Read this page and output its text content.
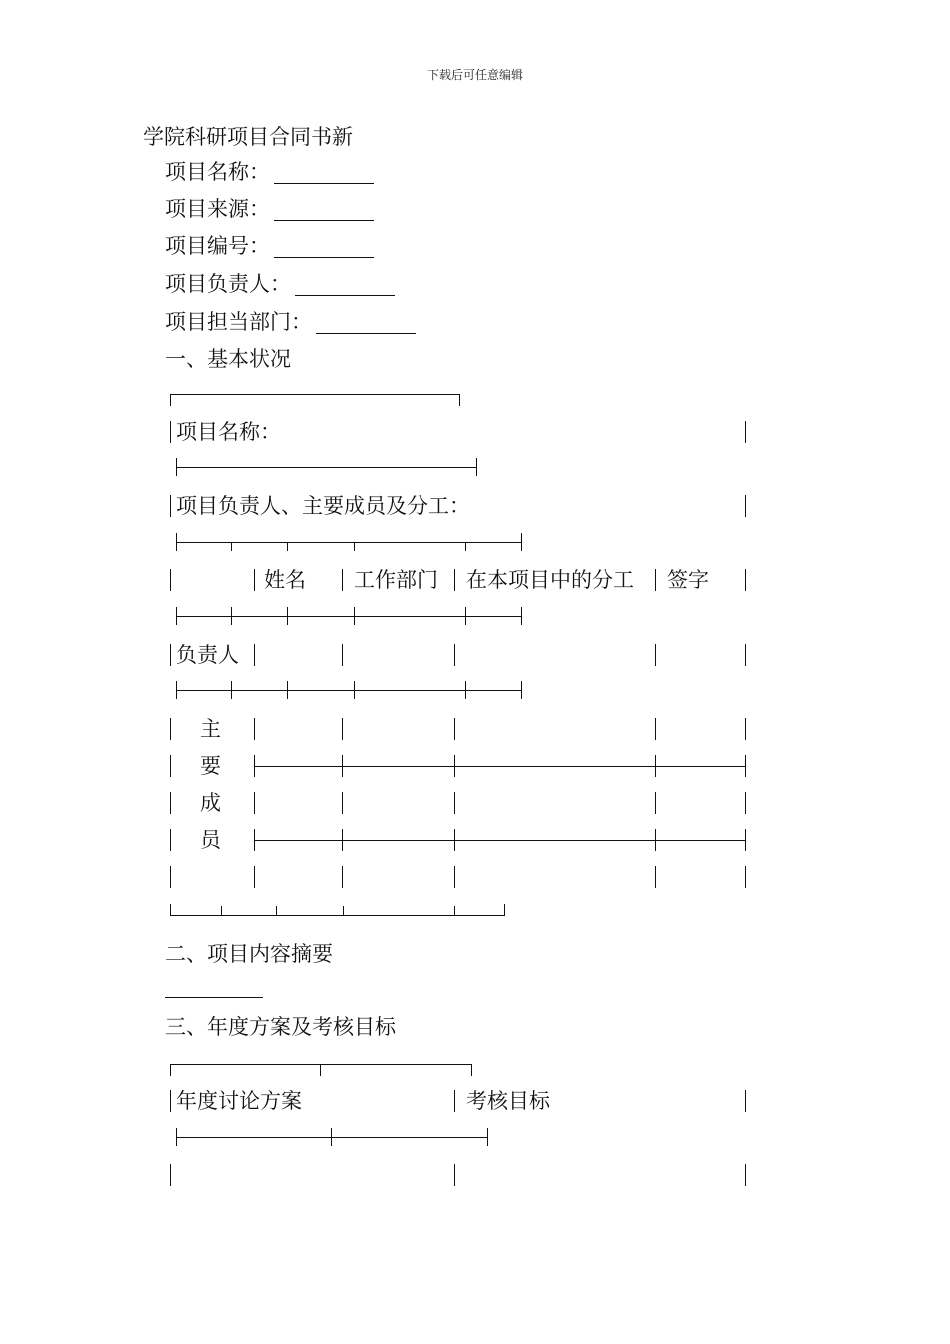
下载后可任意编辑
学院科研项目合同书新
项目名称：
项目来源：
项目编号：
项目负责人：
项目担当部门：
一、基本状况
项目名称：
项目负责人、主要成员及分工：
姓名 工作部门 在本项目中的分工 签字
负责人
主
要
成
员
二、项目内容摘要
三、年度方案及考核目标
年度讨论方案	考核目标
